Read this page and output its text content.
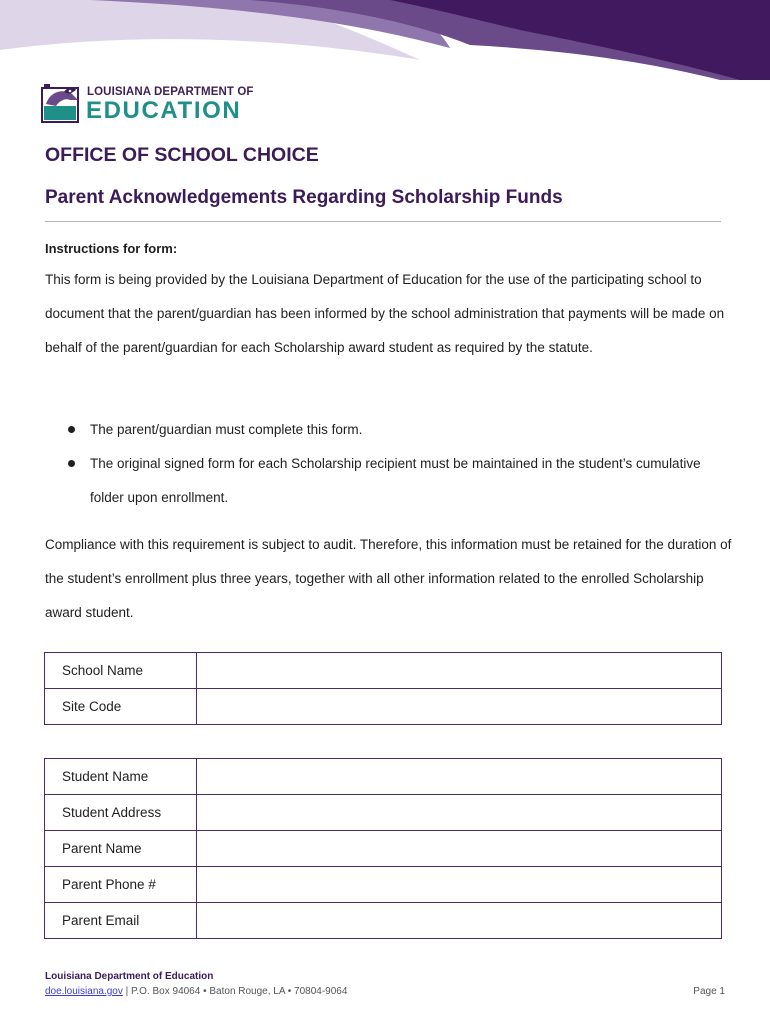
LOUISIANA DEPARTMENT OF
EDUCATION
OFFICE OF SCHOOL CHOICE
Parent Acknowledgements Regarding Scholarship Funds
Instructions for form:
This form is being provided by the Louisiana Department of Education for the use of the participating school to document that the parent/guardian has been informed by the school administration that payments will be made on behalf of the parent/guardian for each Scholarship award student as required by the statute.
The parent/guardian must complete this form.
The original signed form for each Scholarship recipient must be maintained in the student’s cumulative folder upon enrollment.
Compliance with this requirement is subject to audit. Therefore, this information must be retained for the duration of the student’s enrollment plus three years, together with all other information related to the enrolled Scholarship award student.
School Name	
Site Code	
Student Name	
Student Address	
Parent Name	
Parent Phone #	
Parent Email	
Louisiana Department of Education
doe.louisiana.gov | P.O. Box 94064 • Baton Rouge, LA • 70804-9064	Page 1
